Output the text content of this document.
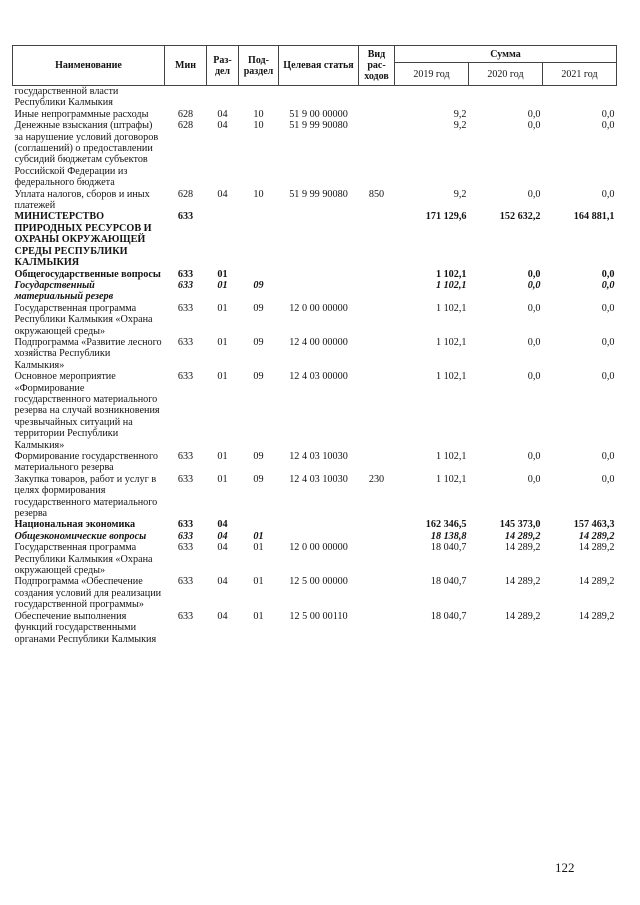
Наименование	Мин	Раз-дел	Под-раздел	Целевая статья	Вид рас-ходов	Сумма		
						2019 год	2020 год	2021 год
государственной власти Республики Калмыкия								
Иные непрограммные расходы	628	04	10	51 9 00 00000		9,2	0,0	0,0
Денежные взыскания (штрафы) за нарушение условий договоров (соглашений) о предоставлении субсидий бюджетам субъектов Российской Федерации из федерального бюджета	628	04	10	51 9 99 90080		9,2	0,0	0,0
Уплата налогов, сборов и иных платежей	628	04	10	51 9 99 90080	850	9,2	0,0	0,0
МИНИСТЕРСТВО ПРИРОДНЫХ РЕСУРСОВ И ОХРАНЫ ОКРУЖАЮЩЕЙ СРЕДЫ РЕСПУБЛИКИ КАЛМЫКИЯ	633					171 129,6	152 632,2	164 881,1
Общегосударственные вопросы	633	01				1 102,1	0,0	0,0
Государственный материальный резерв	633	01	09			1 102,1	0,0	0,0
Государственная программа Республики Калмыкия «Охрана окружающей среды»	633	01	09	12 0 00 00000		1 102,1	0,0	0,0
Подпрограмма «Развитие лесного хозяйства Республики Калмыкия»	633	01	09	12 4 00 00000		1 102,1	0,0	0,0
Основное мероприятие «Формирование государственного материального резерва на случай возникновения чрезвычайных ситуаций на территории Республики Калмыкия»	633	01	09	12 4 03 00000		1 102,1	0,0	0,0
Формирование государственного материального резерва	633	01	09	12 4 03 10030		1 102,1	0,0	0,0
Закупка товаров, работ и услуг в целях формирования государственного материального резерва	633	01	09	12 4 03 10030	230	1 102,1	0,0	0,0
Национальная экономика	633	04				162 346,5	145 373,0	157 463,3
Общеэкономические вопросы	633	04	01			18 138,8	14 289,2	14 289,2
Государственная программа Республики Калмыкия «Охрана окружающей среды»	633	04	01	12 0 00 00000		18 040,7	14 289,2	14 289,2
Подпрограмма «Обеспечение создания условий для реализации государственной программы»	633	04	01	12 5 00 00000		18 040,7	14 289,2	14 289,2
Обеспечение выполнения функций государственными органами Республики Калмыкия	633	04	01	12 5 00 00110		18 040,7	14 289,2	14 289,2
122
